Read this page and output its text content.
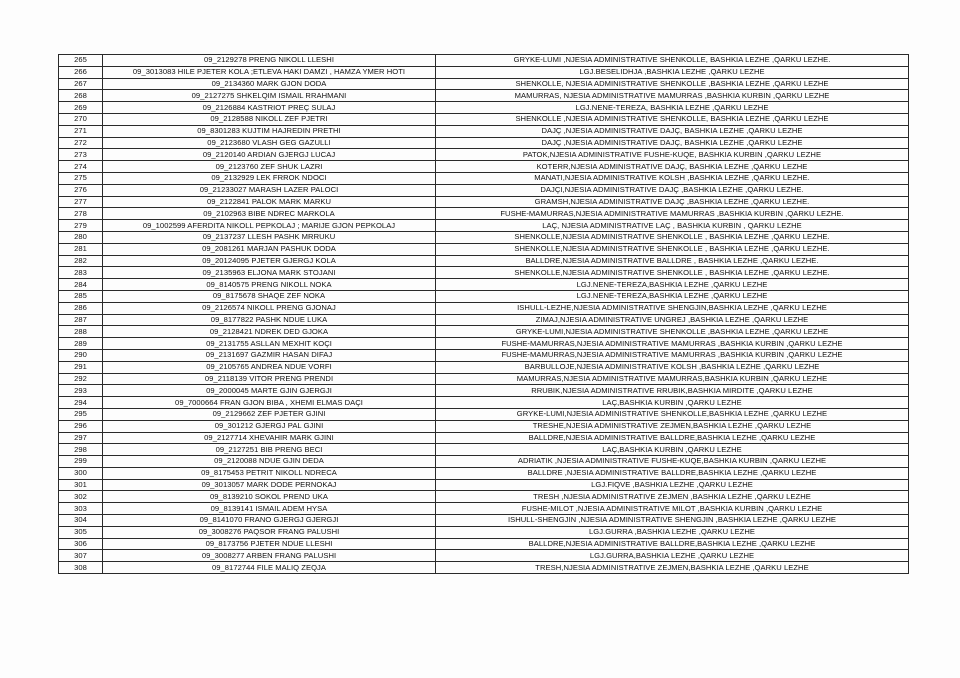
265	09_2129278 PRENG NIKOLL LLESHI	GRYKE-LUMI ,NJESIA ADMINISTRATIVE SHENKOLLE, BASHKIA LEZHE ,QARKU LEZHE.
266	09_3013083 HILE PJETER KOLA ;ETLEVA HAKI DAMZI , HAMZA YMER HOTI	LGJ.BESELIDHJA ,BASHKIA LEZHE ,QARKU LEZHE
267	09_2134360 MARK GJON DODA	SHENKOLLE, NJESIA ADMINISTRATIVE SHENKOLLE ,BASHKIA LEZHE ,QARKU LEZHE
268	09_2127275 SHKELQIM ISMAIL RRAHMANI	MAMURRAS, NJESIA ADMINISTRATIVE MAMURRAS ,BASHKIA KURBIN ,QARKU LEZHE
269	09_2126884 KASTRIOT PREÇ SULAJ	LGJ.NENE-TEREZA, BASHKIA LEZHE ,QARKU LEZHE
270	09_2128588 NIKOLL ZEF PJETRI	SHENKOLLE ,NJESIA ADMINISTRATIVE SHENKOLLE, BASHKIA LEZHE ,QARKU LEZHE
271	09_8301283 KUJTIM HAJREDIN PRETHI	DAJÇ ,NJESIA ADMINISTRATIVE DAJÇ, BASHKIA LEZHE ,QARKU LEZHE
272	09_2123680 VLASH GEG GAZULLI	DAJÇ ,NJESIA ADMINISTRATIVE DAJÇ, BASHKIA LEZHE ,QARKU LEZHE
273	09_2120140 ARDIAN GJERGJ LUCAJ	PATOK,NJESIA ADMINISTRATIVE FUSHE-KUQE, BASHKIA KURBIN ,QARKU LEZHE
274	09_2123760 ZEF SHUK LAZRI	KOTERR,NJESIA ADMINISTRATIVE DAJÇ, BASHKIA LEZHE ,QARKU LEZHE
275	09_2132929 LEK FRROK NDOCI	MANATI,NJESIA ADMINISTRATIVE KOLSH ,BASHKIA LEZHE ,QARKU LEZHE.
276	09_21233027 MARASH LAZER PALOCI	DAJÇI,NJESIA ADMINISTRATIVE DAJÇ ,BASHKIA LEZHE ,QARKU LEZHE.
277	09_2122841 PALOK MARK MARKU	GRAMSH,NJESIA ADMINISTRATIVE DAJÇ ,BASHKIA LEZHE ,QARKU LEZHE.
278	09_2102963 BIBE NDREC MARKOLA	FUSHE-MAMURRAS,NJESIA ADMINISTRATIVE MAMURRAS ,BASHKIA KURBIN ,QARKU LEZHE.
279	09_1002599 AFERDITA NIKOLL PEPKOLAJ ; MARIJE GJON PEPKOLAJ	LAÇ, NJESIA ADMINISTRATIVE LAÇ , BASHKIA KURBIN , QARKU LEZHE
280	09_2137237 LLESH PASHK MRRUKU	SHENKOLLE,NJESIA ADMINISTRATIVE SHENKOLLE , BASHKIA LEZHE ,QARKU LEZHE.
281	09_2081261 MARJAN PASHUK DODA	SHENKOLLE,NJESIA ADMINISTRATIVE SHENKOLLE , BASHKIA LEZHE ,QARKU LEZHE.
282	09_20124095 PJETER GJERGJ KOLA	BALLDRE,NJESIA ADMINISTRATIVE BALLDRE , BASHKIA LEZHE ,QARKU LEZHE.
283	09_2135963 ELJONA MARK STOJANI	SHENKOLLE,NJESIA ADMINISTRATIVE SHENKOLLE , BASHKIA LEZHE ,QARKU LEZHE.
284	09_8140575 PRENG NIKOLL NOKA	LGJ.NENE-TEREZA,BASHKIA LEZHE ,QARKU LEZHE
285	09_8175678 SHAQE ZEF NOKA	LGJ.NENE-TEREZA,BASHKIA LEZHE ,QARKU LEZHE
286	09_2126574 NIKOLL PRENG GJONAJ	ISHULL-LEZHE,NJESIA ADMINISTRATIVE SHENGJIN,BASHKIA LEZHE ,QARKU LEZHE
287	09_8177822 PASHK NDUE LUKA	ZIMAJ,NJESIA ADMINISTRATIVE UNGREJ ,BASHKIA LEZHE ,QARKU LEZHE
288	09_2128421 NDREK DED GJOKA	GRYKE-LUMI,NJESIA ADMINISTRATIVE SHENKOLLE ,BASHKIA LEZHE ,QARKU LEZHE
289	09_2131755 ASLLAN MEXHIT KOÇI	FUSHE-MAMURRAS,NJESIA ADMINISTRATIVE MAMURRAS ,BASHKIA KURBIN ,QARKU LEZHE
290	09_2131697 GAZMIR HASAN DIFAJ	FUSHE-MAMURRAS,NJESIA ADMINISTRATIVE MAMURRAS ,BASHKIA KURBIN ,QARKU LEZHE
291	09_2105765 ANDREA NDUE VORFI	BARBULLOJE,NJESIA ADMINISTRATIVE KOLSH ,BASHKIA LEZHE ,QARKU LEZHE
292	09_2118139 VITOR PRENG PRENDI	MAMURRAS,NJESIA ADMINISTRATIVE MAMURRAS,BASHKIA KURBIN ,QARKU LEZHE
293	09_2000045 MARTE GJIN GJERGJI	RRUBIK,NJESIA ADMINISTRATIVE RRUBIK,BASHKIA MIRDITE ,QARKU LEZHE
294	09_7000664 FRAN GJON BIBA , XHEMI ELMAS DAÇI	LAÇ,BASHKIA KURBIN ,QARKU LEZHE
295	09_2129662 ZEF PJETER GJINI	GRYKE-LUMI,NJESIA ADMINISTRATIVE SHENKOLLE,BASHKIA LEZHE ,QARKU LEZHE
296	09_301212 GJERGJ PAL GJINI	TRESHE,NJESIA ADMINISTRATIVE ZEJMEN,BASHKIA LEZHE ,QARKU LEZHE
297	09_2127714 XHEVAHIR MARK GJINI	BALLDRE,NJESIA ADMINISTRATIVE BALLDRE,BASHKIA LEZHE ,QARKU LEZHE
298	09_2127251 BIB PRENG BECI	LAÇ,BASHKIA KURBIN ,QARKU LEZHE
299	09_2120088 NDUE GJIN DEDA	ADRIATIK ,NJESIA ADMINISTRATIVE FUSHE-KUQE,BASHKIA KURBIN ,QARKU LEZHE
300	09_8175453 PETRIT NIKOLL NDRECA	BALLDRE ,NJESIA ADMINISTRATIVE BALLDRE,BASHKIA LEZHE ,QARKU LEZHE
301	09_3013057 MARK DODE PERNOKAJ	LGJ.FIQVE ,BASHKIA LEZHE ,QARKU LEZHE
302	09_8139210 SOKOL PREND UKA	TRESH ,NJESIA ADMINISTRATIVE ZEJMEN ,BASHKIA LEZHE ,QARKU LEZHE
303	09_8139141 ISMAIL ADEM HYSA	FUSHE-MILOT ,NJESIA ADMINISTRATIVE MILOT ,BASHKIA KURBIN ,QARKU LEZHE
304	09_8141070 FRANO GJERGJ GJERGJI	ISHULL-SHENGJIN ,NJESIA ADMINISTRATIVE SHENGJIN ,BASHKIA LEZHE ,QARKU LEZHE
305	09_3008276 PAQSOR FRANG PALUSHI	LGJ.GURRA ,BASHKIA LEZHE ,QARKU LEZHE
306	09_8173756 PJETER NDUE LLESHI	BALLDRE,NJESIA ADMINISTRATIVE BALLDRE,BASHKIA LEZHE ,QARKU LEZHE
307	09_3008277 ARBEN FRANG PALUSHI	LGJ.GURRA,BASHKIA LEZHE ,QARKU LEZHE
308	09_8172744 FILE MALIQ ZEQJA	TRESH,NJESIA ADMINISTRATIVE ZEJMEN,BASHKIA LEZHE ,QARKU LEZHE
